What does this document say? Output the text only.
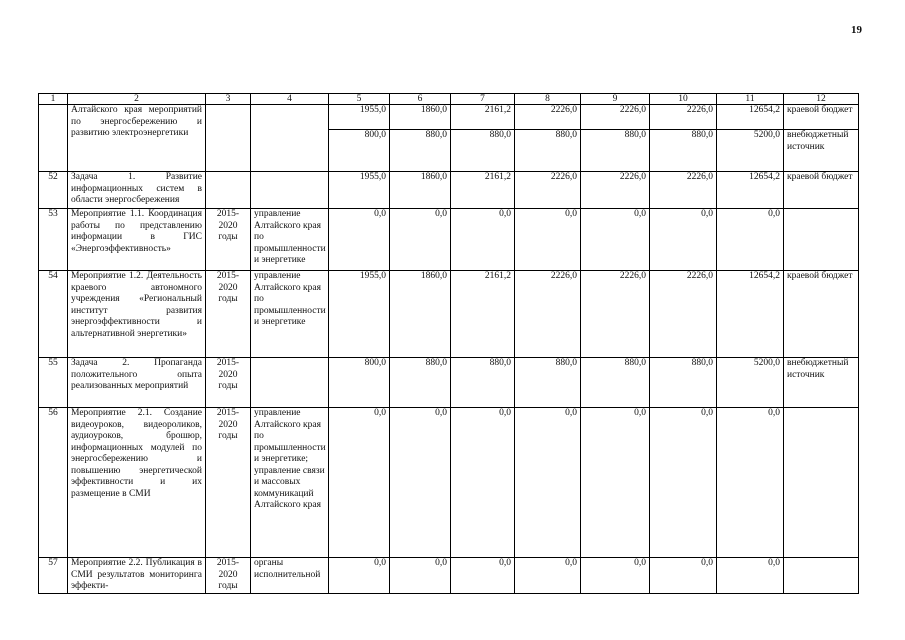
19
1	2	3	4	5	6	7	8	9	10	11	12
	Алтайского края мероприятий по энергосбережению и развитию электроэнергетики			1955,0	1860,0	2161,2	2226,0	2226,0	2226,0	12654,2	краевой бюджет
				800,0	880,0	880,0	880,0	880,0	880,0	5200,0	внебюджетный источник
52	Задача 1. Развитие информационных систем в области энергосбережения			1955,0	1860,0	2161,2	2226,0	2226,0	2226,0	12654,2	краевой бюджет
53	Мероприятие 1.1. Координация работы по представлению информации в ГИС «Энергоэффективность»	2015-2020 годы	управление Алтайского края по промышленности и энергетике	0,0	0,0	0,0	0,0	0,0	0,0	0,0	
54	Мероприятие 1.2. Деятельность краевого автономного учреждения «Региональный институт развития энергоэффективности и альтернативной энергетики»	2015-2020 годы	управление Алтайского края по промышленности и энергетике	1955,0	1860,0	2161,2	2226,0	2226,0	2226,0	12654,2	краевой бюджет
55	Задача 2. Пропаганда положительного опыта реализованных мероприятий	2015-2020 годы		800,0	880,0	880,0	880,0	880,0	880,0	5200,0	внебюджетный источник
56	Мероприятие 2.1. Создание видеоуроков, видеороликов, аудиоуроков, брошюр, информационных модулей по энергосбережению и повышению энергетической эффективности и их размещение в СМИ	2015-2020 годы	управление Алтайского края по промышленности и энергетике; управление связи и массовых коммуникаций Алтайского края	0,0	0,0	0,0	0,0	0,0	0,0	0,0	
57	Мероприятие 2.2. Публикация в СМИ результатов мониторинга эффекти-	2015-2020 годы	органы исполнительной	0,0	0,0	0,0	0,0	0,0	0,0	0,0	
